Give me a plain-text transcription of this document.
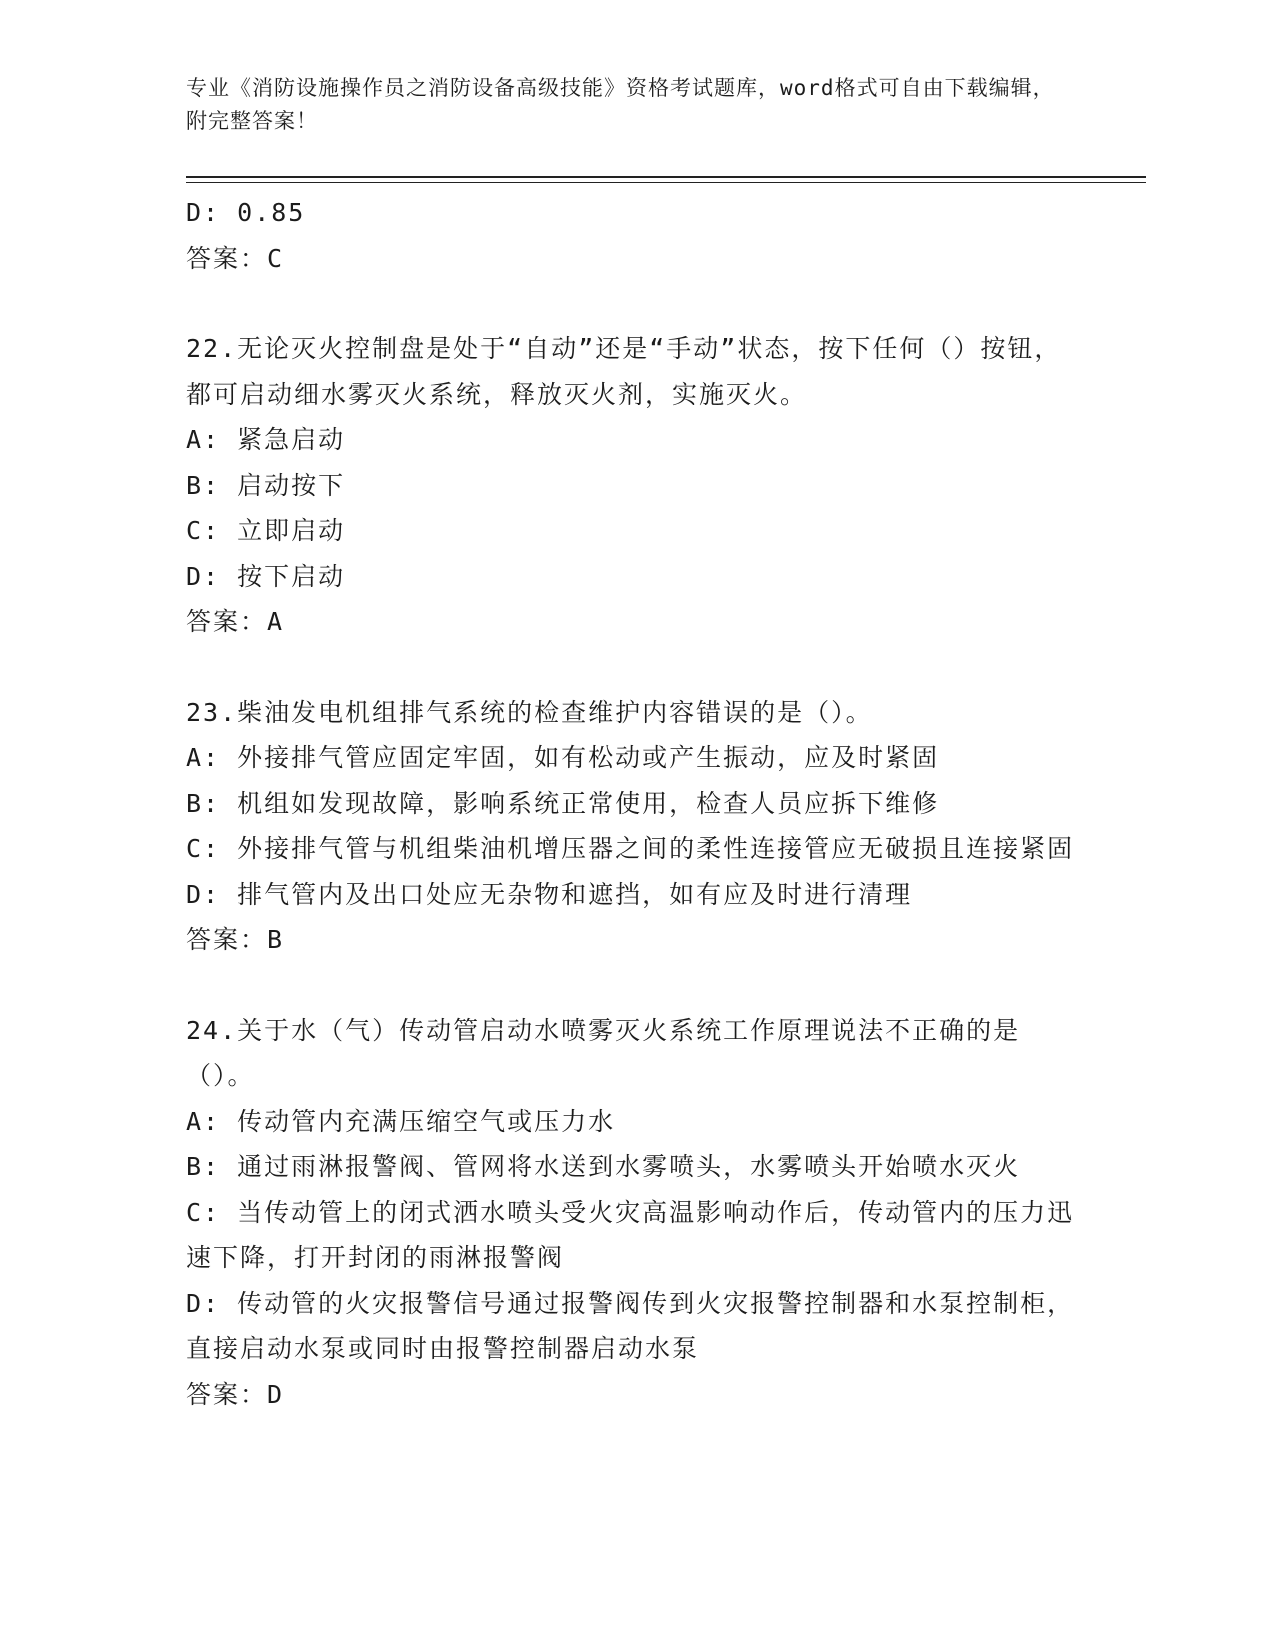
专业《消防设施操作员之消防设备高级技能》资格考试题库，word格式可自由下载编辑，附完整答案！
D: 0.85
答案：C
22.无论灭火控制盘是处于“自动”还是“手动”状态，按下任何（）按钮，都可启动细水雾灭火系统，释放灭火剂，实施灭火。
A: 紧急启动
B: 启动按下
C: 立即启动
D: 按下启动
答案：A
23.柴油发电机组排气系统的检查维护内容错误的是（）。
A: 外接排气管应固定牢固，如有松动或产生振动，应及时紧固
B: 机组如发现故障，影响系统正常使用，检查人员应拆下维修
C: 外接排气管与机组柴油机增压器之间的柔性连接管应无破损且连接紧固
D: 排气管内及出口处应无杂物和遮挡，如有应及时进行清理
答案：B
24.关于水（气）传动管启动水喷雾灭火系统工作原理说法不正确的是（）。
A: 传动管内充满压缩空气或压力水
B: 通过雨淋报警阀、管网将水送到水雾喷头，水雾喷头开始喷水灭火
C: 当传动管上的闭式洒水喷头受火灾高温影响动作后，传动管内的压力迅速下降，打开封闭的雨淋报警阀
D: 传动管的火灾报警信号通过报警阀传到火灾报警控制器和水泵控制柜，直接启动水泵或同时由报警控制器启动水泵
答案：D
